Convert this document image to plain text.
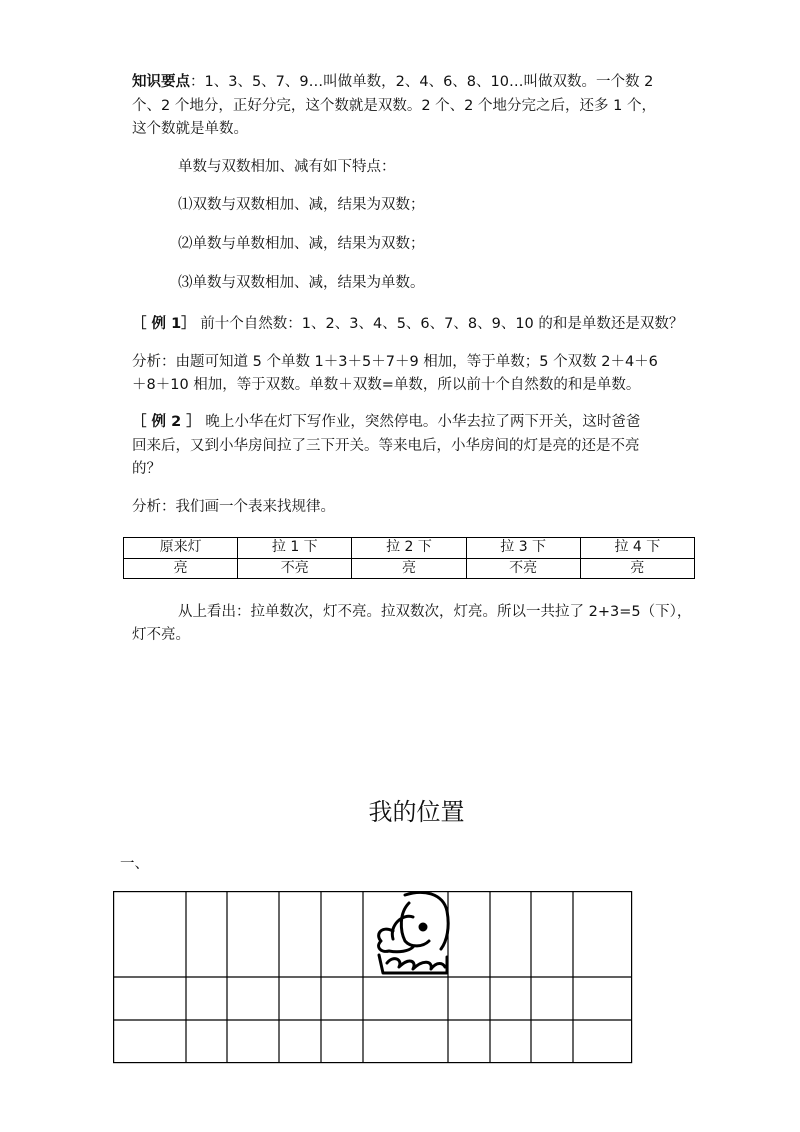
知识要点：1、3、5、7、9…叫做单数，2、4、6、8、10…叫做双数。一个数 2
个、2 个地分，正好分完，这个数就是双数。2 个、2 个地分完之后，还多 1 个，
这个数就是单数。
单数与双数相加、减有如下特点：
⑴双数与双数相加、减，结果为双数；
⑵单数与单数相加、减，结果为双数；
⑶单数与双数相加、减，结果为单数。
［ 例 1］ 前十个自然数：1、2、3、4、5、6、7、8、9、10 的和是单数还是双数？
分析：由题可知道 5 个单数 1＋3＋5＋7＋9 相加，等于单数；5 个双数 2＋4＋6
＋8＋10 相加，等于双数。单数＋双数=单数，所以前十个自然数的和是单数。
［ 例 2 ］ 晚上小华在灯下写作业，突然停电。小华去拉了两下开关，这时爸爸
回来后，又到小华房间拉了三下开关。等来电后，小华房间的灯是亮的还是不亮
的？
分析：我们画一个表来找规律。
原来灯	拉 1 下	拉 2 下	拉 3 下	拉 4 下
亮	不亮	亮	不亮	亮
从上看出：拉单数次，灯不亮。拉双数次，灯亮。所以一共拉了 2+3=5（下），
灯不亮。
我的位置
一、
